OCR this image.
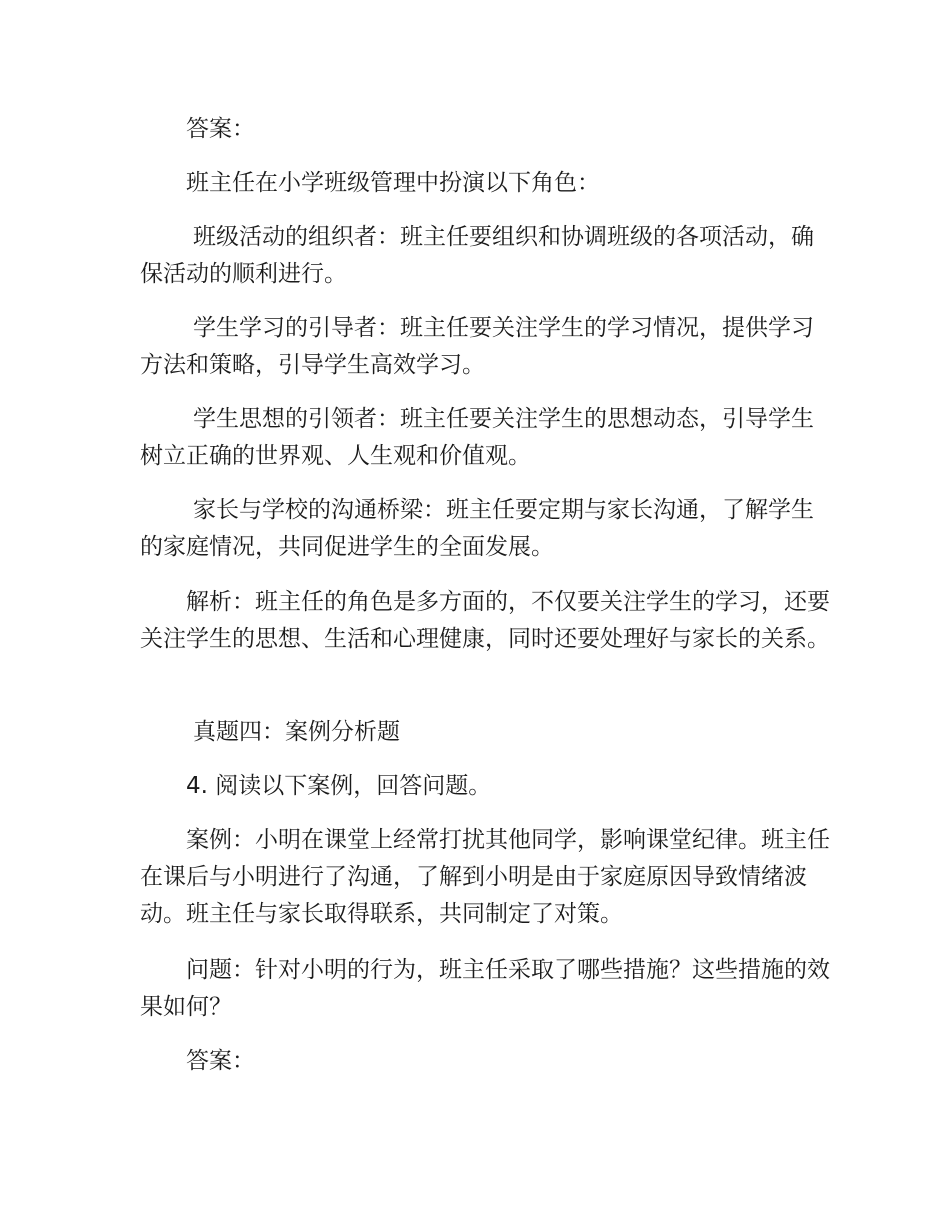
答案：

班主任在小学班级管理中扮演以下角色：

班级活动的组织者：班主任要组织和协调班级的各项活动，确保活动的顺利进行。

学生学习的引导者：班主任要关注学生的学习情况，提供学习方法和策略，引导学生高效学习。

学生思想的引领者：班主任要关注学生的思想动态，引导学生树立正确的世界观、人生观和价值观。

家长与学校的沟通桥梁：班主任要定期与家长沟通，了解学生的家庭情况，共同促进学生的全面发展。

解析：班主任的角色是多方面的，不仅要关注学生的学习，还要关注学生的思想、生活和心理健康，同时还要处理好与家长的关系。

真题四：案例分析题

4. 阅读以下案例，回答问题。

案例：小明在课堂上经常打扰其他同学，影响课堂纪律。班主任在课后与小明进行了沟通，了解到小明是由于家庭原因导致情绪波动。班主任与家长取得联系，共同制定了对策。

问题：针对小明的行为，班主任采取了哪些措施？这些措施的效果如何？

答案：
